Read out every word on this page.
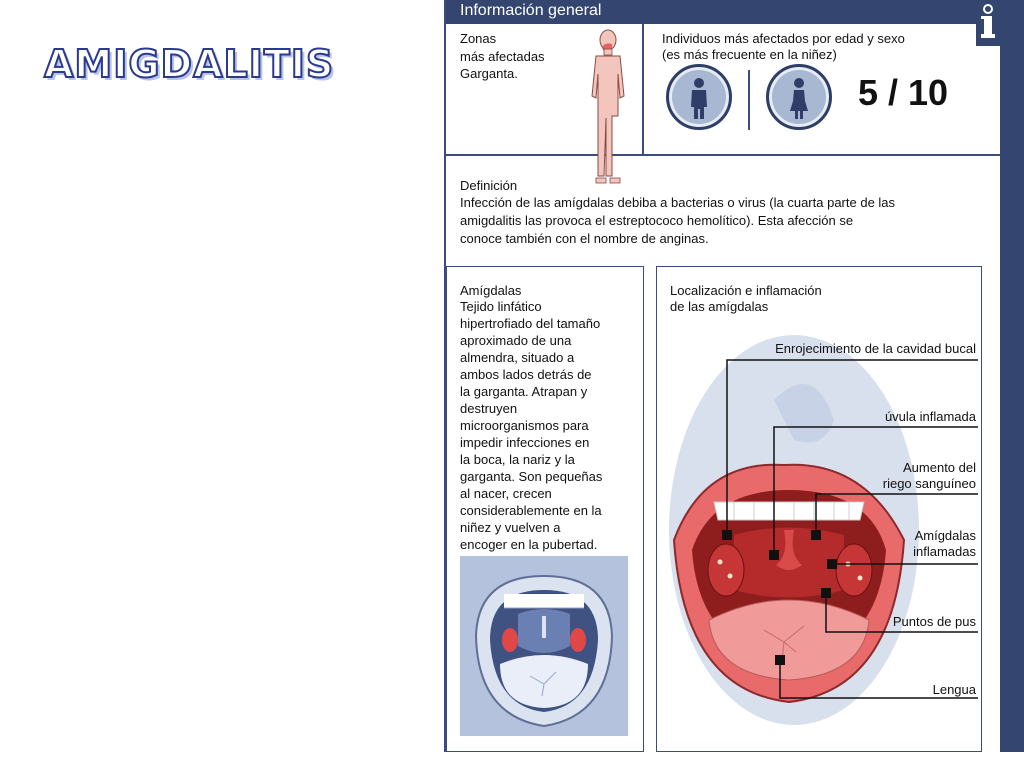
AMIGDALITIS
Información general
Zonas
más afectadas
Garganta.
Individuos más afectados por edad y sexo
(es más frecuente en la niñez)
5 / 10
Definición
Infección de las amígdalas debiba a bacterias o virus (la cuarta parte de las
amigdalitis las provoca el estreptococo hemolítico). Esta afección se
conoce también con el nombre de anginas.
Amígdalas
Tejido linfático
hipertrofiado del tamaño
aproximado de una
almendra, situado a
ambos lados detrás de
la garganta. Atrapan y
destruyen
microorganismos para
impedir infecciones en
la boca, la nariz y la
garganta. Son pequeñas
al nacer, crecen
considerablemente en la
niñez y vuelven a
encoger en la pubertad.
Localización e inflamación
de las amígdalas
Enrojecimiento de la cavidad bucal
úvula inflamada
Aumento del
riego sanguíneo
Amígdalas
inflamadas
Puntos de pus
Lengua
